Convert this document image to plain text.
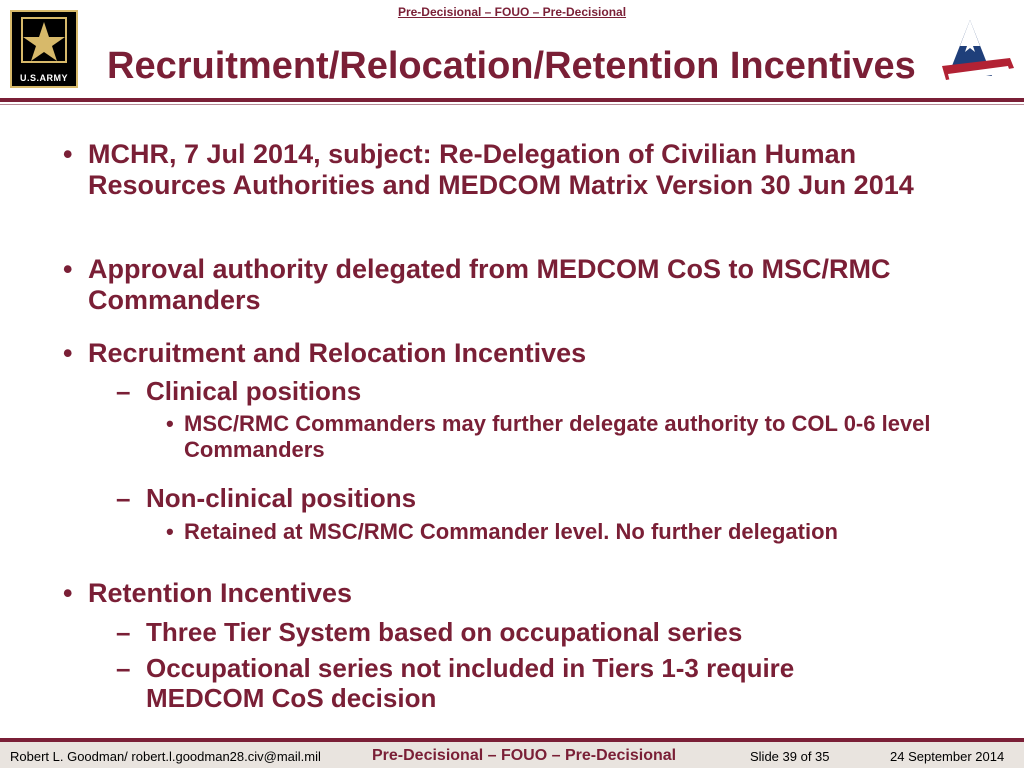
Pre-Decisional – FOUO – Pre-Decisional
U.S.ARMY Recruitment/Relocation/Retention Incentives
• MCHR, 7 Jul 2014, subject: Re-Delegation of Civilian Human Resources Authorities and MEDCOM Matrix Version 30 Jun 2014
• Approval authority delegated from MEDCOM CoS to MSC/RMC Commanders
• Recruitment and Relocation Incentives
– Clinical positions
• MSC/RMC Commanders may further delegate authority to COL 0-6 level Commanders
– Non-clinical positions
• Retained at MSC/RMC Commander level. No further delegation
• Retention Incentives
– Three Tier System based on occupational series
– Occupational series not included in Tiers 1-3 require MEDCOM CoS decision
Robert L. Goodman/ robert.l.goodman28.civ@mail.mil	Pre-Decisional – FOUO – Pre-Decisional	Slide 39 of 35	24 September 2014
